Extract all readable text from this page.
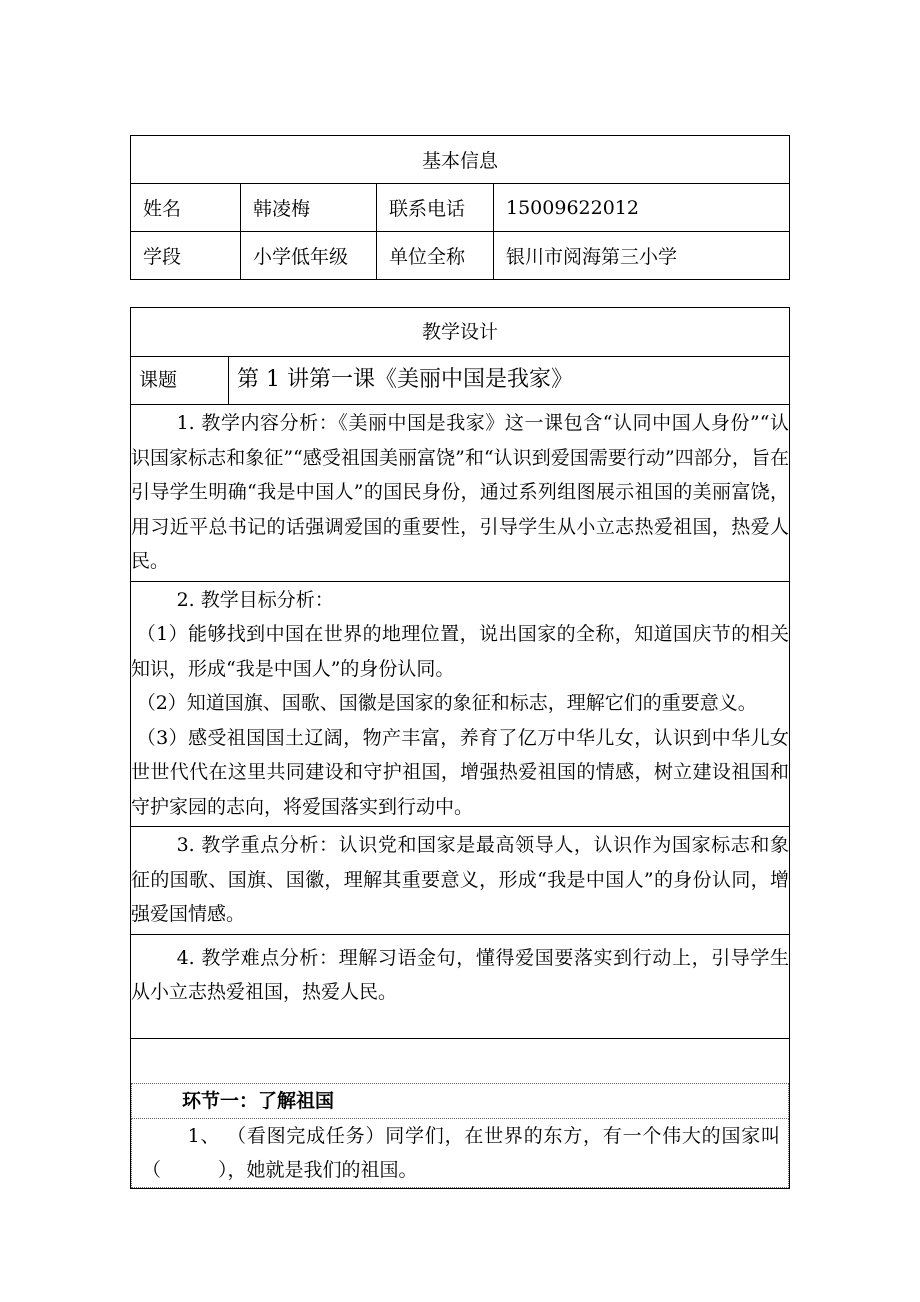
基本信息			
姓名	韩凌梅	联系电话	15009622012
学段	小学低年级	单位全称	银川市阅海第三小学
教学设计
课题	第 1 讲第一课《美丽中国是我家》
1. 教学内容分析：《美丽中国是我家》这一课包含“认同中国人身份”“认识国家标志和象征”“感受祖国美丽富饶”和“认识到爱国需要行动”四部分，旨在引导学生明确“我是中国人”的国民身份，通过系列组图展示祖国的美丽富饶，用习近平总书记的话强调爱国的重要性，引导学生从小立志热爱祖国，热爱人民。

2. 教学目标分析：
（1）能够找到中国在世界的地理位置，说出国家的全称，知道国庆节的相关知识，形成“我是中国人”的身份认同。
（2）知道国旗、国歌、国徽是国家的象征和标志，理解它们的重要意义。
（3）感受祖国国土辽阔，物产丰富，养育了亿万中华儿女，认识到中华儿女世世代代在这里共同建设和守护祖国，增强热爱祖国的情感，树立建设祖国和守护家园的志向，将爱国落实到行动中。

3. 教学重点分析：认识党和国家是最高领导人，认识作为国家标志和象征的国歌、国旗、国徽，理解其重要意义，形成“我是中国人”的身份认同，增强爱国情感。
4. 教学难点分析：理解习语金句，懂得爱国要落实到行动上，引导学生从小立志热爱祖国，热爱人民。

环节一：了解祖国
1、 （看图完成任务）同学们，在世界的东方，有一个伟大的国家叫（　　　），她就是我们的祖国。
